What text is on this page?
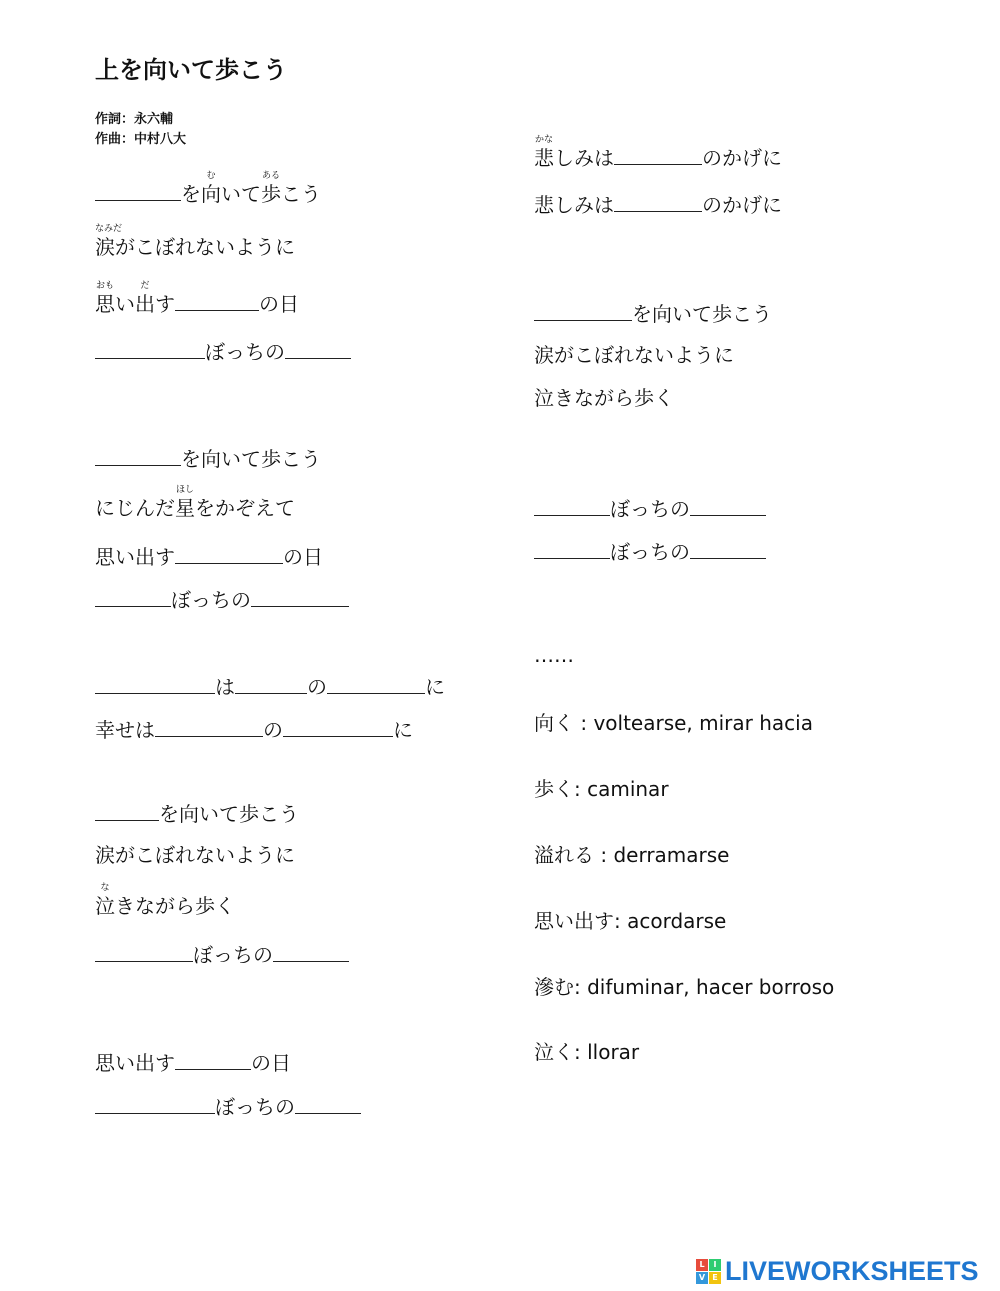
上を向いて歩こう
作詞：永六輔
作曲：中村八大
を
む
向いて
ある
歩こう
なみだ
涙がこぼれないように
おも
思い
だ
出す	の日
ぼっちの
を向いて歩こう
にじんだ
ほし
星をかぞえて
思い出す	の日
ぼっちの
は	の	に
幸せは	の	に
を向いて歩こう
涙がこぼれないように
な
泣きながら歩く
ぼっちの
思い出す	の日
ぼっちの
かな
悲しみは	のかげに
悲しみは	のかげに
を向いて歩こう
涙がこぼれないように
泣きながら歩く
ぼっちの
ぼっちの
……
向く : voltearse, mirar hacia
歩く: caminar
溢れる : derramarse
思い出す: acordarse
滲む: difuminar, hacer borroso
泣く: llorar
L	I
V E LIVEWORKSHEETS
